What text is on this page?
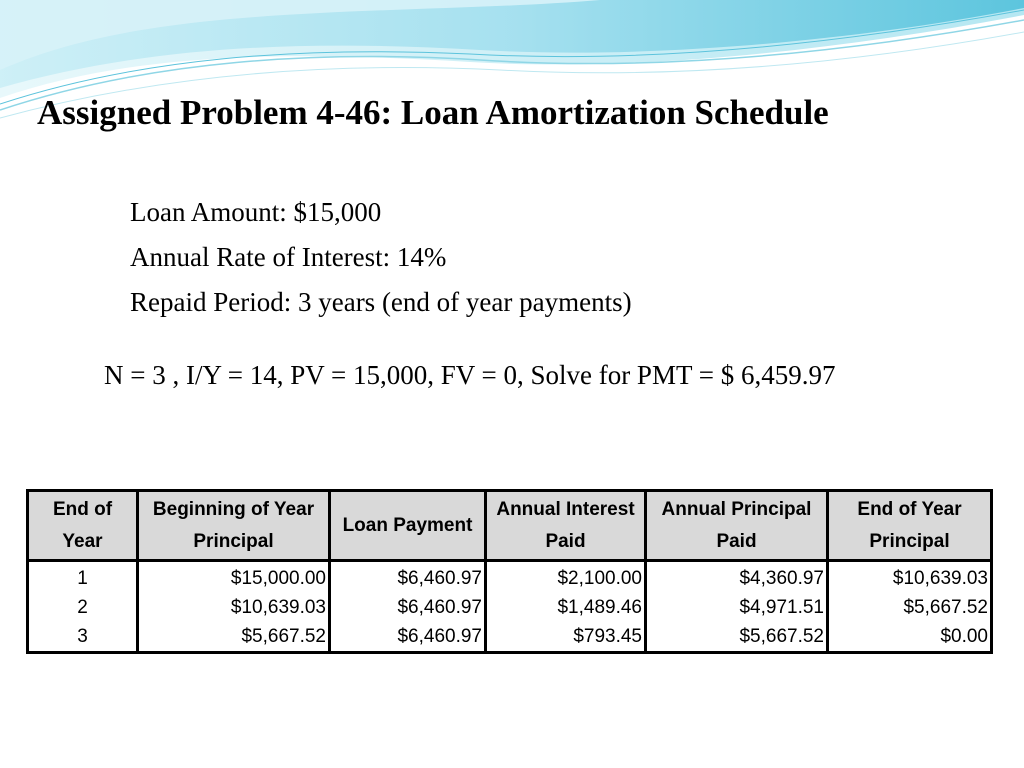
Assigned Problem 4-46: Loan Amortization Schedule
Loan Amount: $15,000
Annual Rate of Interest: 14%
Repaid Period: 3 years (end of year payments)
N = 3 , I/Y = 14, PV = 15,000, FV = 0, Solve for PMT = $ 6,459.97
End of Year	Beginning of Year Principal	Loan Payment	Annual Interest Paid	Annual Principal Paid	End of Year Principal
1	$15,000.00	$6,460.97	$2,100.00	$4,360.97	$10,639.03
2	$10,639.03	$6,460.97	$1,489.46	$4,971.51	$5,667.52
3	$5,667.52	$6,460.97	$793.45	$5,667.52	$0.00
